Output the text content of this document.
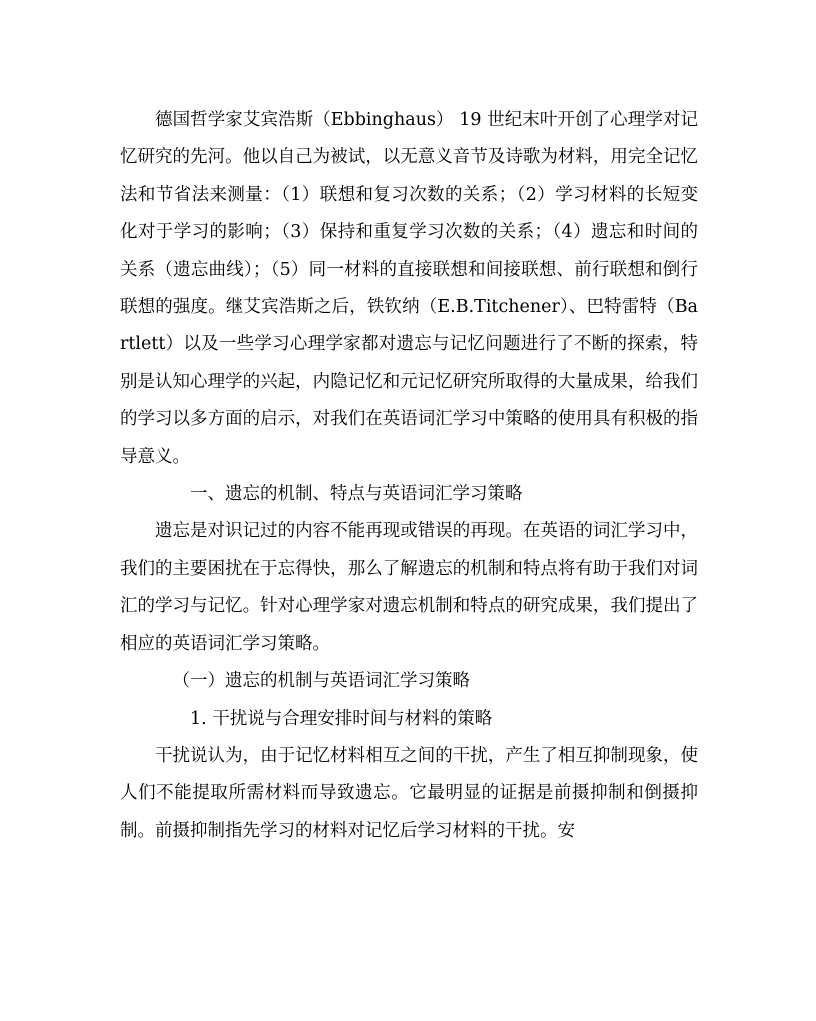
德国哲学家艾宾浩斯（Ebbinghaus） 19 世纪末叶开创了心理学对记忆研究的先河。他以自己为被试，以无意义音节及诗歌为材料，用完全记忆法和节省法来测量：（1）联想和复习次数的关系；（2）学习材料的长短变化对于学习的影响；（3）保持和重复学习次数的关系；（4）遗忘和时间的关系（遗忘曲线）；（5）同一材料的直接联想和间接联想、前行联想和倒行联想的强度。继艾宾浩斯之后，铁钦纳（E.B.Titchener）、巴特雷特（Bartlett）以及一些学习心理学家都对遗忘与记忆问题进行了不断的探索，特别是认知心理学的兴起，内隐记忆和元记忆研究所取得的大量成果，给我们的学习以多方面的启示，对我们在英语词汇学习中策略的使用具有积极的指导意义。

一、遗忘的机制、特点与英语词汇学习策略

遗忘是对识记过的内容不能再现或错误的再现。在英语的词汇学习中，我们的主要困扰在于忘得快，那么了解遗忘的机制和特点将有助于我们对词汇的学习与记忆。针对心理学家对遗忘机制和特点的研究成果，我们提出了相应的英语词汇学习策略。

（一）遗忘的机制与英语词汇学习策略

1. 干扰说与合理安排时间与材料的策略

干扰说认为，由于记忆材料相互之间的干扰，产生了相互抑制现象，使人们不能提取所需材料而导致遗忘。它最明显的证据是前摄抑制和倒摄抑制。前摄抑制指先学习的材料对记忆后学习材料的干扰。安
